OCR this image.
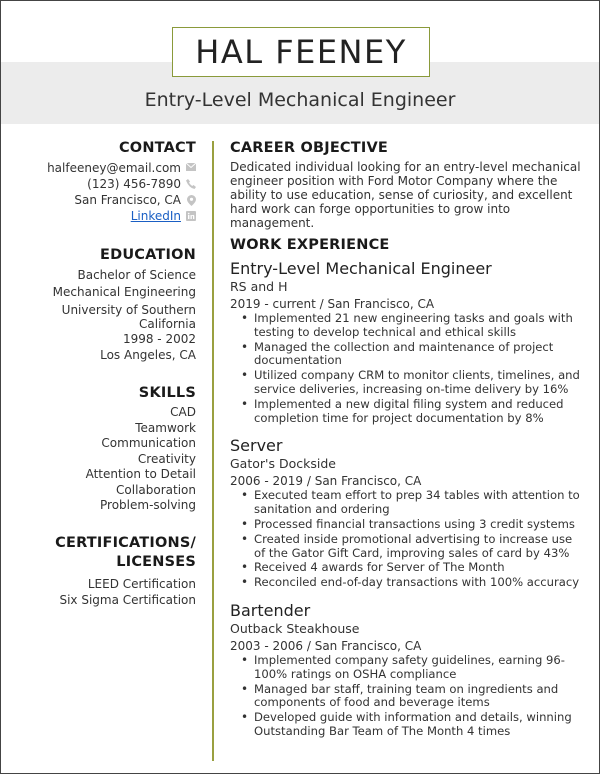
HAL FEENEY
Entry-Level Mechanical Engineer
CONTACT
halfeeney@email.com
(123) 456-7890
San Francisco, CA
LinkedIn
EDUCATION
Bachelor of Science
Mechanical Engineering
University of Southern
California
1998 - 2002
Los Angeles, CA
SKILLS
CAD
Teamwork
Communication
Creativity
Attention to Detail
Collaboration
Problem-solving
CERTIFICATIONS/
LICENSES
LEED Certification
Six Sigma Certification
CAREER OBJECTIVE

Dedicated individual looking for an entry-level mechanical engineer position with Ford Motor Company where the ability to use education, sense of curiosity, and excellent hard work can forge opportunities to grow into management.

WORK EXPERIENCE
Entry-Level Mechanical Engineer
RS and H
2019 - current / San Francisco, CA
• Implemented 21 new engineering tasks and goals with testing to develop technical and ethical skills
• Managed the collection and maintenance of project documentation
• Utilized company CRM to monitor clients, timelines, and service deliveries, increasing on-time delivery by 16%
• Implemented a new digital filing system and reduced completion time for project documentation by 8%
Server
Gator's Dockside
2006 - 2019 / San Francisco, CA
• Executed team effort to prep 34 tables with attention to sanitation and ordering
• Processed financial transactions using 3 credit systems
• Created inside promotional advertising to increase use of the Gator Gift Card, improving sales of card by 43%
• Received 4 awards for Server of The Month
• Reconciled end-of-day transactions with 100% accuracy
Bartender
Outback Steakhouse
2003 - 2006 / San Francisco, CA
• Implemented company safety guidelines, earning 96-100% ratings on OSHA compliance
• Managed bar staff, training team on ingredients and components of food and beverage items
• Developed guide with information and details, winning Outstanding Bar Team of The Month 4 times
